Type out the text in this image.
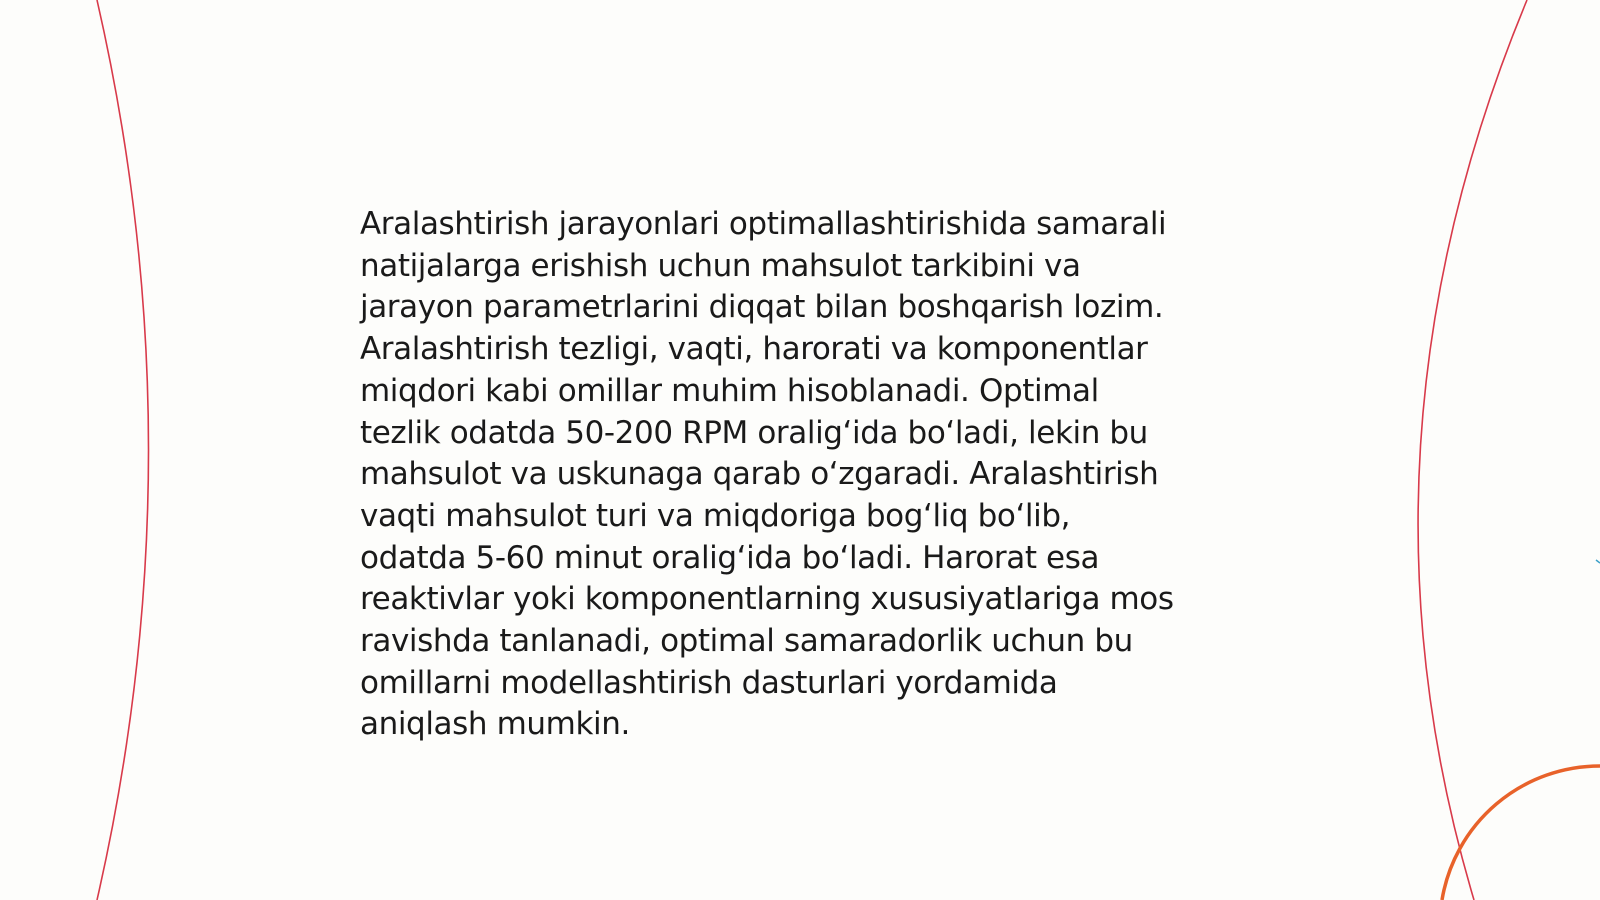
Aralashtirish jarayonlari optimallashtirishida samarali
natijalarga erishish uchun mahsulot tarkibini va
jarayon parametrlarini diqqat bilan boshqarish lozim.
Aralashtirish tezligi, vaqti, harorati va komponentlar
miqdori kabi omillar muhim hisoblanadi. Optimal
tezlik odatda 50-200 RPM oralig‘ida bo‘ladi, lekin bu
mahsulot va uskunaga qarab o‘zgaradi. Aralashtirish
vaqti mahsulot turi va miqdoriga bog‘liq bo‘lib,
odatda 5-60 minut oralig‘ida bo‘ladi. Harorat esa
reaktivlar yoki komponentlarning xususiyatlariga mos
ravishda tanlanadi, optimal samaradorlik uchun bu
omillarni modellashtirish dasturlari yordamida
aniqlash mumkin.
